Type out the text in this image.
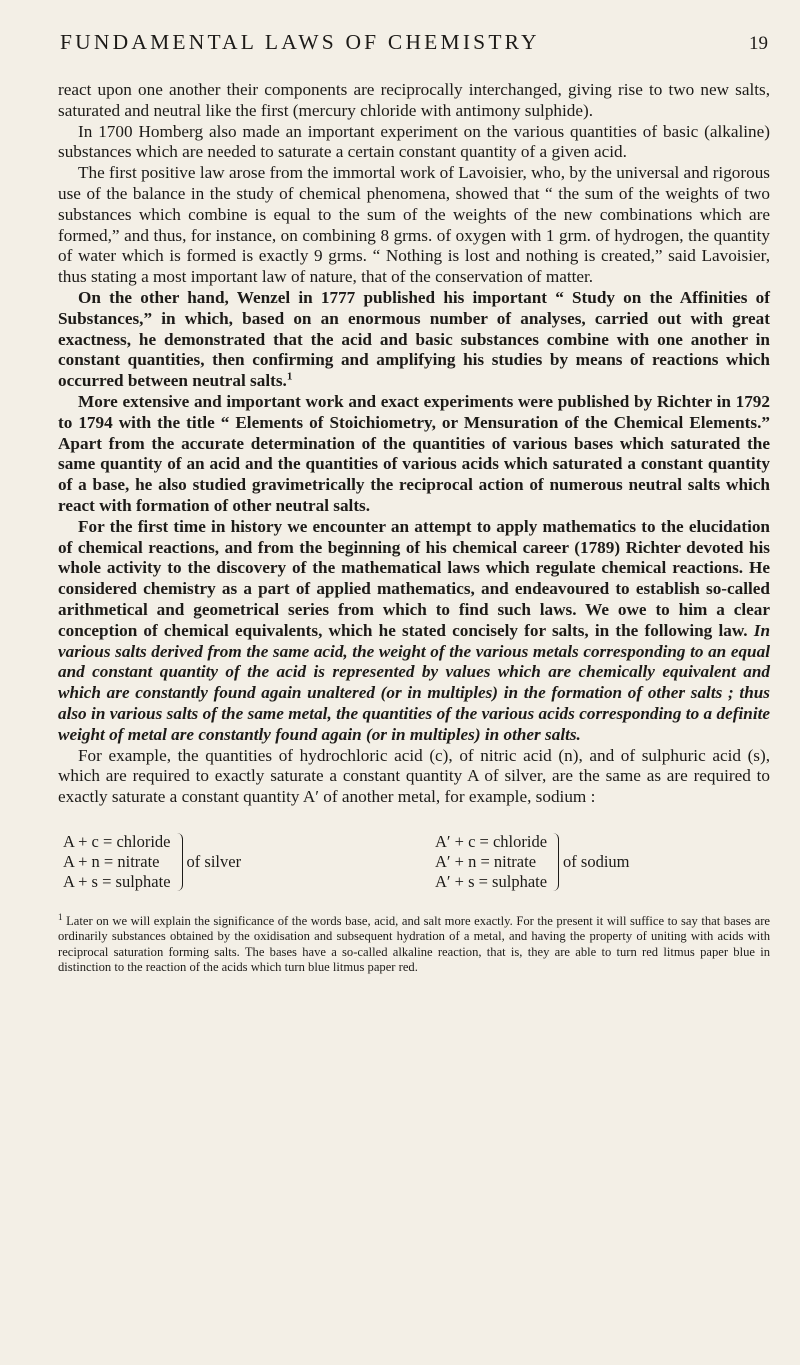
FUNDAMENTAL LAWS OF CHEMISTRY	19

react upon one another their components are reciprocally interchanged, giving rise to two new salts, saturated and neutral like the first (mercury chloride with antimony sulphide).

In 1700 Homberg also made an important experiment on the various quantities of basic (alkaline) substances which are needed to saturate a certain constant quantity of a given acid.

The first positive law arose from the immortal work of Lavoisier, who, by the universal and rigorous use of the balance in the study of chemical phenomena, showed that “ the sum of the weights of two substances which combine is equal to the sum of the weights of the new combinations which are formed,” and thus, for instance, on combining 8 grms. of oxygen with 1 grm. of hydrogen, the quantity of water which is formed is exactly 9 grms. “ Nothing is lost and nothing is created,” said Lavoisier, thus stating a most important law of nature, that of the conservation of matter.

On the other hand, Wenzel in 1777 published his important “ Study on the Affinities of Substances,” in which, based on an enormous number of analyses, carried out with great exactness, he demonstrated that the acid and basic substances combine with one another in constant quantities, then confirming and amplifying his studies by means of reactions which occurred between neutral salts.$^1$

More extensive and important work and exact experiments were published by Richter in 1792 to 1794 with the title “ Elements of Stoichiometry, or Mensuration of the Chemical Elements.” Apart from the accurate determination of the quantities of various bases which saturated the same quantity of an acid and the quantities of various acids which saturated a constant quantity of a base, he also studied gravimetrically the reciprocal action of numerous neutral salts which react with formation of other neutral salts.

For the first time in history we encounter an attempt to apply mathematics to the elucidation of chemical reactions, and from the beginning of his chemical career (1789) Richter devoted his whole activity to the discovery of the mathematical laws which regulate chemical reactions. He considered chemistry as a part of applied mathematics, and endeavoured to establish so-called arithmetical and geometrical series from which to find such laws. We owe to him a clear conception of chemical equivalents, which he stated concisely for salts, in the following law. In various salts derived from the same acid, the weight of the various metals corresponding to an equal and constant quantity of the acid is represented by values which are chemically equivalent and which are constantly found again unaltered (or in multiples) in the formation of other salts ; thus also in various salts of the same metal, the quantities of the various acids corresponding to a definite weight of metal are constantly found again (or in multiples) in other salts.

For example, the quantities of hydrochloric acid (c), of nitric acid (n), and of sulphuric acid (s), which are required to exactly saturate a constant quantity A of silver, are the same as are required to exactly saturate a constant quantity A′ of another metal, for example, sodium :

A + c = chloride
A + n = nitrate
A + s = sulphate
of silver
A′ + c = chloride
A′ + n = nitrate
A′ + s = sulphate
of sodium
$^1$ Later on we will explain the significance of the words base, acid, and salt more exactly. For the present it will suffice to say that bases are ordinarily substances obtained by the oxidisation and subsequent hydration of a metal, and having the property of uniting with acids with reciprocal saturation forming salts. The bases have a so-called alkaline reaction, that is, they are able to turn red litmus paper blue in distinction to the reaction of the acids which turn blue litmus paper red.
